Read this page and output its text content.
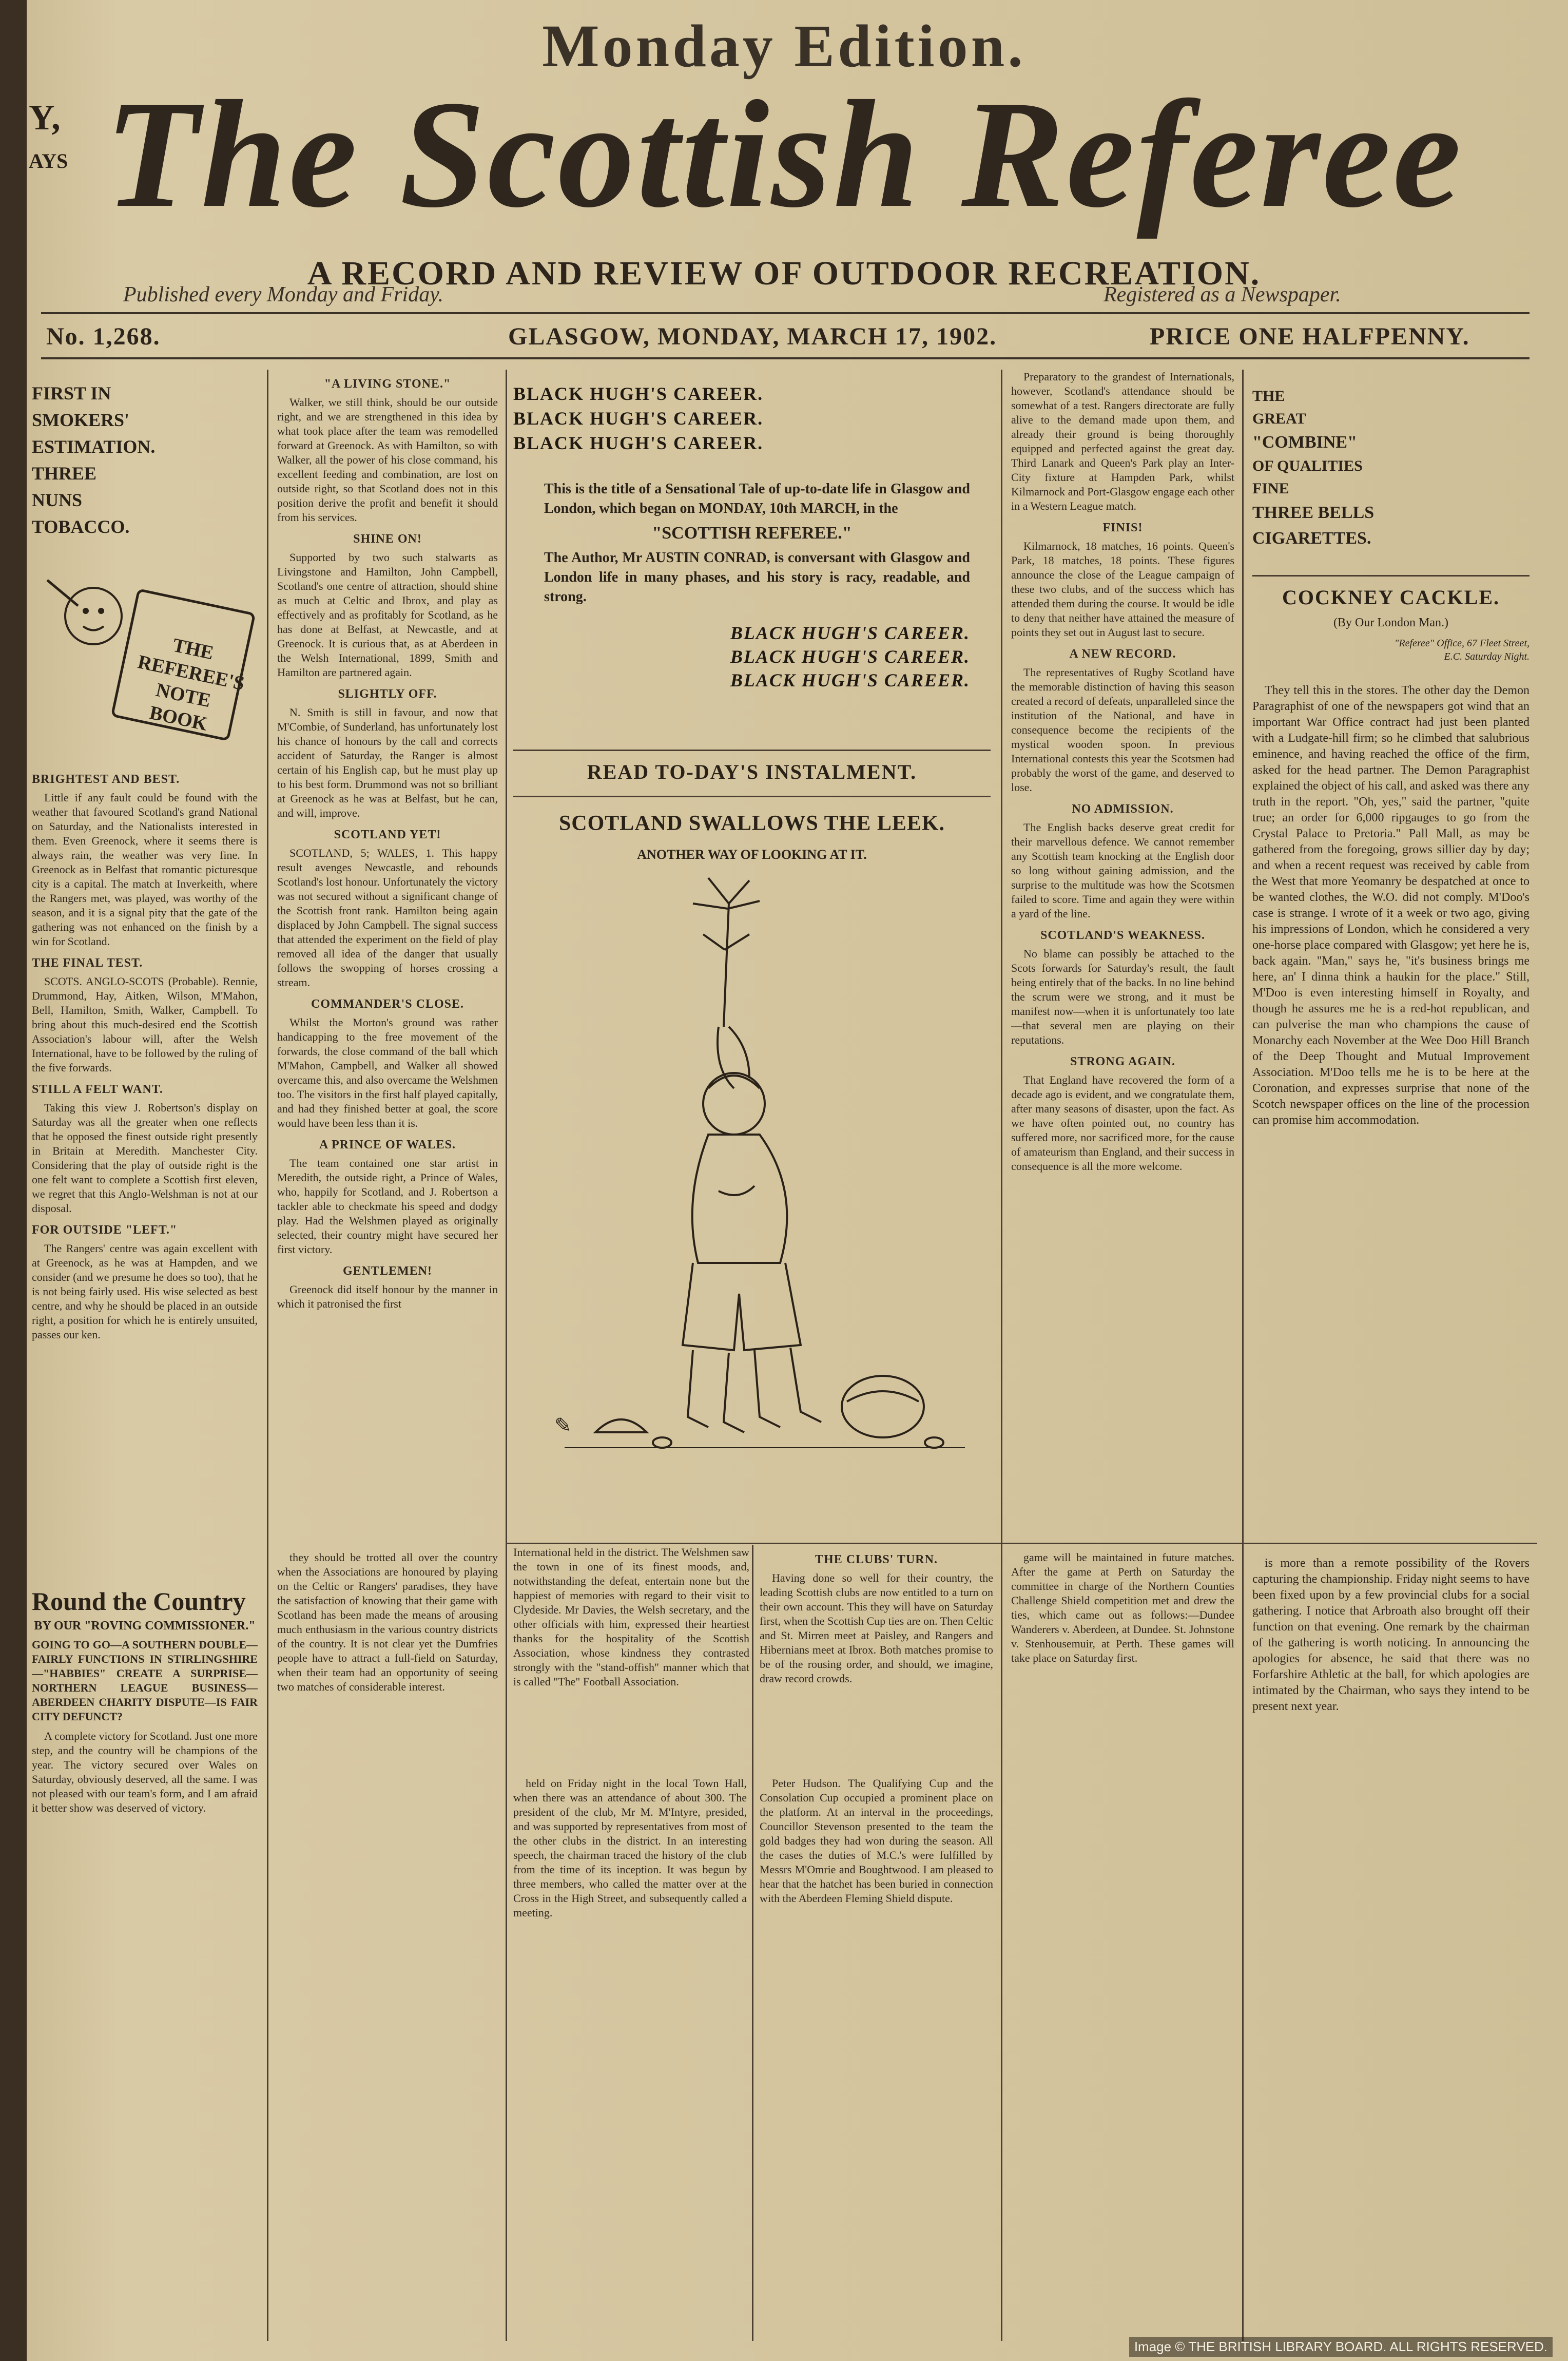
Y,
AYS
Monday Edition.
The Scottish Referee
A RECORD AND REVIEW OF OUTDOOR RECREATION.
Published every Monday and Friday.	Registered as a Newspaper.
No. 1,268.	GLASGOW, MONDAY, MARCH 17, 1902.	PRICE ONE HALFPENNY.
FIRST IN
SMOKERS'
ESTIMATION.
THREE
NUNS
TOBACCO.
THE REFEREE'S NOTE BOOK
BRIGHTEST AND BEST.

Little if any fault could be found with the weather that favoured Scotland's grand National on Saturday, and the Nationalists interested in them. Even Greenock, where it seems there is always rain, the weather was very fine. In Greenock as in Belfast that romantic picturesque city is a capital. The match at Inverkeith, where the Rangers met, was played, was worthy of the season, and it is a signal pity that the gate of the gathering was not enhanced on the finish by a win for Scotland.

THE FINAL TEST.

SCOTS. ANGLO-SCOTS (Probable). Rennie, Drummond, Hay, Aitken, Wilson, M'Mahon, Bell, Hamilton, Smith, Walker, Campbell. To bring about this much-desired end the Scottish Association's labour will, after the Welsh International, have to be followed by the ruling of the five forwards.

STILL A FELT WANT.

Taking this view J. Robertson's display on Saturday was all the greater when one reflects that he opposed the finest outside right presently in Britain at Meredith. Manchester City. Considering that the play of outside right is the one felt want to complete a Scottish first eleven, we regret that this Anglo-Welshman is not at our disposal.

FOR OUTSIDE "LEFT."

The Rangers' centre was again excellent with at Greenock, as he was at Hampden, and we consider (and we presume he does so too), that he is not being fairly used. His wise selected as best centre, and why he should be placed in an outside right, a position for which he is entirely unsuited, passes our ken.

Round the Country
BY OUR "ROVING COMMISSIONER."

GOING TO GO—A SOUTHERN DOUBLE—FAIRLY FUNCTIONS IN STIRLINGSHIRE—"HABBIES" CREATE A SURPRISE—NORTHERN LEAGUE BUSINESS—ABERDEEN CHARITY DISPUTE—IS FAIR CITY DEFUNCT?

A complete victory for Scotland. Just one more step, and the country will be champions of the year. The victory secured over Wales on Saturday, obviously deserved, all the same. I was not pleased with our team's form, and I am afraid it better show was deserved of victory.

"A LIVING STONE."

Walker, we still think, should be our outside right, and we are strengthened in this idea by what took place after the team was remodelled forward at Greenock. As with Hamilton, so with Walker, all the power of his close command, his excellent feeding and combination, are lost on outside right, so that Scotland does not in this position derive the profit and benefit it should from his services.

SHINE ON!

Supported by two such stalwarts as Livingstone and Hamilton, John Campbell, Scotland's one centre of attraction, should shine as much at Celtic and Ibrox, and play as effectively and as profitably for Scotland, as he has done at Belfast, at Newcastle, and at Greenock. It is curious that, as at Aberdeen in the Welsh International, 1899, Smith and Hamilton are partnered again.

SLIGHTLY OFF.

N. Smith is still in favour, and now that M'Combie, of Sunderland, has unfortunately lost his chance of honours by the call and corrects accident of Saturday, the Ranger is almost certain of his English cap, but he must play up to his best form. Drummond was not so brilliant at Greenock as he was at Belfast, but he can, and will, improve.

SCOTLAND YET!

SCOTLAND, 5; WALES, 1. This happy result avenges Newcastle, and rebounds Scotland's lost honour. Unfortunately the victory was not secured without a significant change of the Scottish front rank. Hamilton being again displaced by John Campbell. The signal success that attended the experiment on the field of play removed all idea of the danger that usually follows the swopping of horses crossing a stream.

COMMANDER'S CLOSE.

Whilst the Morton's ground was rather handicapping to the free movement of the forwards, the close command of the ball which M'Mahon, Campbell, and Walker all showed overcame this, and also overcame the Welshmen too. The visitors in the first half played capitally, and had they finished better at goal, the score would have been less than it is.

A PRINCE OF WALES.

The team contained one star artist in Meredith, the outside right, a Prince of Wales, who, happily for Scotland, and J. Robertson a tackler able to checkmate his speed and dodgy play. Had the Welshmen played as originally selected, their country might have secured her first victory.

GENTLEMEN!

Greenock did itself honour by the manner in which it patronised the first

BLACK HUGH'S CAREER.
BLACK HUGH'S CAREER.
BLACK HUGH'S CAREER.
This is the title of a Sensational Tale of up-to-date life in Glasgow and London, which began on MONDAY, 10th MARCH, in the
"SCOTTISH REFEREE."
The Author, Mr AUSTIN CONRAD, is conversant with Glasgow and London life in many phases, and his story is racy, readable, and strong.
BLACK HUGH'S CAREER.
BLACK HUGH'S CAREER.
BLACK HUGH'S CAREER.
READ TO-DAY'S INSTALMENT.
SCOTLAND SWALLOWS THE LEEK.
ANOTHER WAY OF LOOKING AT IT.
✎

International held in the district. The Welshmen saw the town in one of its finest moods, and, notwithstanding the defeat, entertain none but the happiest of memories with regard to their visit to Clydeside. Mr Davies, the Welsh secretary, and the other officials with him, expressed their heartiest thanks for the hospitality of the Scottish Association, whose kindness they contrasted strongly with the "stand-offish" manner which that is called "The" Football Association.

THE CLUBS' TURN.

Having done so well for their country, the leading Scottish clubs are now entitled to a turn on their own account. This they will have on Saturday first, when the Scottish Cup ties are on. Then Celtic and St. Mirren meet at Paisley, and Rangers and Hibernians meet at Ibrox. Both matches promise to be of the rousing order, and should, we imagine, draw record crowds.

Preparatory to the grandest of Internationals, however, Scotland's attendance should be somewhat of a test. Rangers directorate are fully alive to the demand made upon them, and already their ground is being thoroughly equipped and perfected against the great day. Third Lanark and Queen's Park play an Inter-City fixture at Hampden Park, whilst Kilmarnock and Port-Glasgow engage each other in a Western League match.

FINIS!

Kilmarnock, 18 matches, 16 points. Queen's Park, 18 matches, 18 points. These figures announce the close of the League campaign of these two clubs, and of the success which has attended them during the course. It would be idle to deny that neither have attained the measure of points they set out in August last to secure.

A NEW RECORD.

The representatives of Rugby Scotland have the memorable distinction of having this season created a record of defeats, unparalleled since the institution of the National, and have in consequence become the recipients of the mystical wooden spoon. In previous International contests this year the Scotsmen had probably the worst of the game, and deserved to lose.

NO ADMISSION.

The English backs deserve great credit for their marvellous defence. We cannot remember any Scottish team knocking at the English door so long without gaining admission, and the surprise to the multitude was how the Scotsmen failed to score. Time and again they were within a yard of the line.

SCOTLAND'S WEAKNESS.

No blame can possibly be attached to the Scots forwards for Saturday's result, the fault being entirely that of the backs. In no line behind the scrum were we strong, and it must be manifest now—when it is unfortunately too late—that several men are playing on their reputations.

STRONG AGAIN.

That England have recovered the form of a decade ago is evident, and we congratulate them, after many seasons of disaster, upon the fact. As we have often pointed out, no country has suffered more, nor sacrificed more, for the cause of amateurism than England, and their success in consequence is all the more welcome.

THE
GREAT
"COMBINE"
OF QUALITIES
FINE
THREE BELLS
CIGARETTES.
COCKNEY CACKLE.
(By Our London Man.)
"Referee" Office, 67 Fleet Street, E.C. Saturday Night.

They tell this in the stores. The other day the Demon Paragraphist of one of the newspapers got wind that an important War Office contract had just been planted with a Ludgate-hill firm; so he climbed that salubrious eminence, and having reached the office of the firm, asked for the head partner. The Demon Paragraphist explained the object of his call, and asked was there any truth in the report. "Oh, yes," said the partner, "quite true; an order for 6,000 ripgauges to go from the Crystal Palace to Pretoria." Pall Mall, as may be gathered from the foregoing, grows sillier day by day; and when a recent request was received by cable from the West that more Yeomanry be despatched at once to be wanted clothes, the W.O. did not comply. M'Doo's case is strange. I wrote of it a week or two ago, giving his impressions of London, which he considered a very one-horse place compared with Glasgow; yet here he is, back again. "Man," says he, "it's business brings me here, an' I dinna think a haukin for the place." Still, M'Doo is even interesting himself in Royalty, and though he assures me he is a red-hot republican, and can pulverise the man who champions the cause of Monarchy each November at the Wee Doo Hill Branch of the Deep Thought and Mutual Improvement Association. M'Doo tells me he is to be here at the Coronation, and expresses surprise that none of the Scotch newspaper offices on the line of the procession can promise him accommodation.

they should be trotted all over the country when the Associations are honoured by playing on the Celtic or Rangers' paradises, they have the satisfaction of knowing that their game with Scotland has been made the means of arousing much enthusiasm in the various country districts of the country. It is not clear yet the Dumfries people have to attract a full-field on Saturday, when their team had an opportunity of seeing two matches of considerable interest.

held on Friday night in the local Town Hall, when there was an attendance of about 300. The president of the club, Mr M. M'Intyre, presided, and was supported by representatives from most of the other clubs in the district. In an interesting speech, the chairman traced the history of the club from the time of its inception. It was begun by three members, who called the matter over at the Cross in the High Street, and subsequently called a meeting.

Peter Hudson. The Qualifying Cup and the Consolation Cup occupied a prominent place on the platform. At an interval in the proceedings, Councillor Stevenson presented to the team the gold badges they had won during the season. All the cases the duties of M.C.'s were fulfilled by Messrs M'Omrie and Boughtwood. I am pleased to hear that the hatchet has been buried in connection with the Aberdeen Fleming Shield dispute.

game will be maintained in future matches. After the game at Perth on Saturday the committee in charge of the Northern Counties Challenge Shield competition met and drew the ties, which came out as follows:—Dundee Wanderers v. Aberdeen, at Dundee. St. Johnstone v. Stenhousemuir, at Perth. These games will take place on Saturday first.

is more than a remote possibility of the Rovers capturing the championship. Friday night seems to have been fixed upon by a few provincial clubs for a social gathering. I notice that Arbroath also brought off their function on that evening. One remark by the chairman of the gathering is worth noticing. In announcing the apologies for absence, he said that there was no Forfarshire Athletic at the ball, for which apologies are intimated by the Chairman, who says they intend to be present next year.

Image © THE BRITISH LIBRARY BOARD. ALL RIGHTS RESERVED.
